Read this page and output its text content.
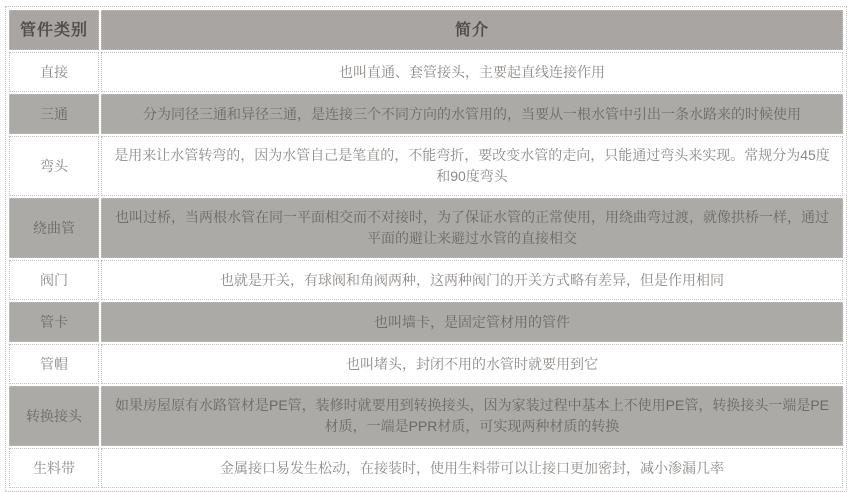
管件类别	简介
直接	也叫直通、套管接头，主要起直线连接作用
三通	分为同径三通和异径三通，是连接三个不同方向的水管用的，当要从一根水管中引出一条水路来的时候使用
弯头	是用来让水管转弯的，因为水管自己是笔直的，不能弯折，要改变水管的走向，只能通过弯头来实现。常规分为45度和90度弯头
绕曲管	也叫过桥，当两根水管在同一平面相交而不对接时，为了保证水管的正常使用，用绕曲弯过渡，就像拱桥一样，通过平面的避让来避过水管的直接相交
阀门	也就是开关，有球阀和角阀两种，这两种阀门的开关方式略有差异，但是作用相同
管卡	也叫墙卡，是固定管材用的管件
管帽	也叫堵头，封闭不用的水管时就要用到它
转换接头	如果房屋原有水路管材是PE管，装修时就要用到转换接头，因为家装过程中基本上不使用PE管，转换接头一端是PE材质，一端是PPR材质，可实现两种材质的转换
生料带	金属接口易发生松动，在接装时，使用生料带可以让接口更加密封，减小渗漏几率
